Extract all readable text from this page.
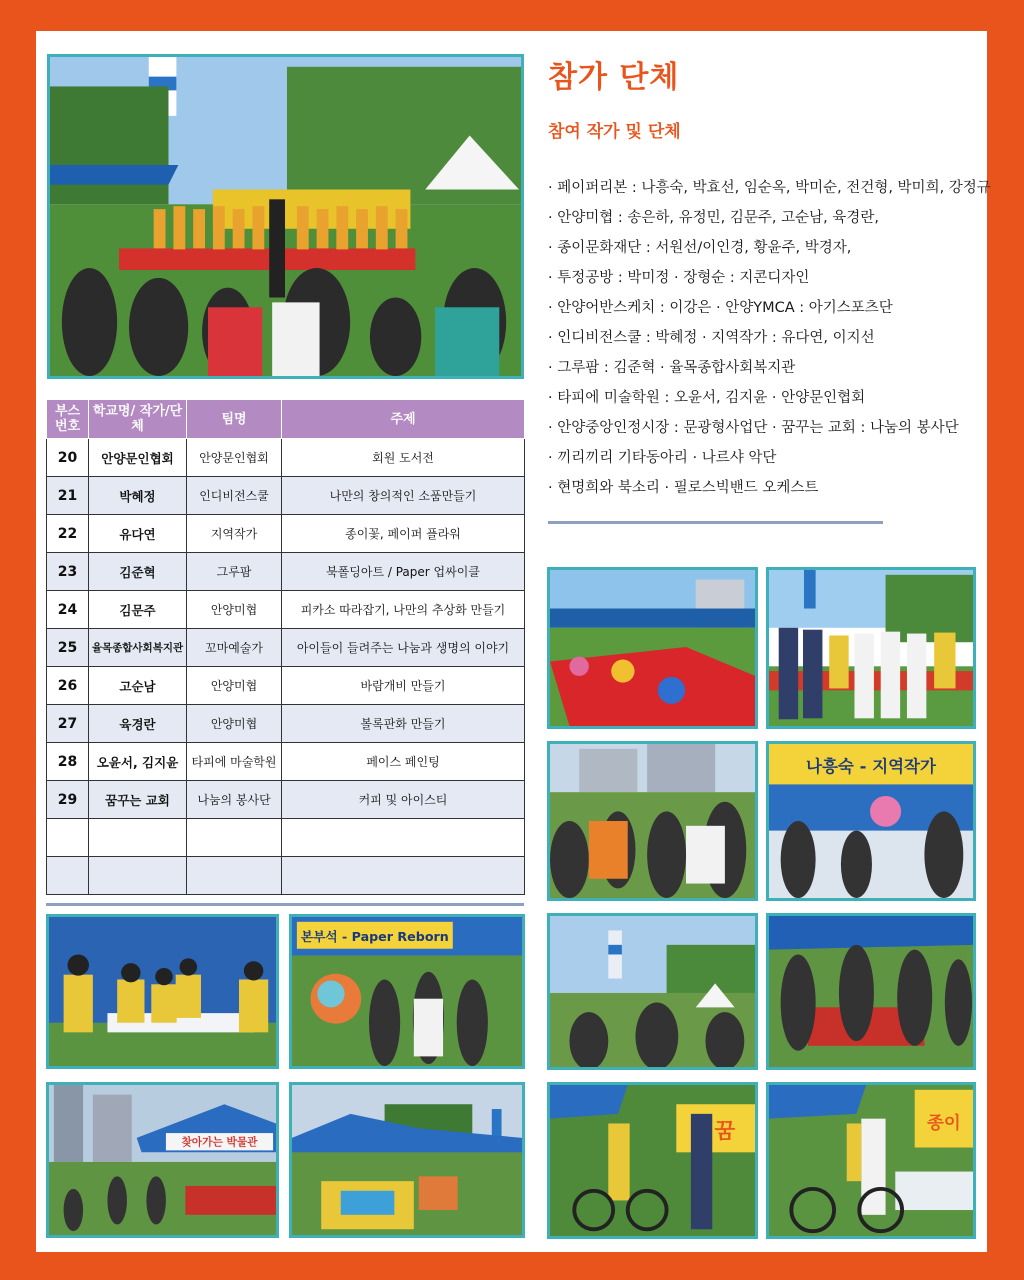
참가 단체
참여 작가 및 단체
· 페이퍼리본 : 나흥숙, 박효선, 임순옥, 박미순, 전건형, 박미희, 강정규
· 안양미협 : 송은하, 유정민, 김문주, 고순남, 육경란,
· 종이문화재단 : 서원선/이인경, 황윤주, 박경자,
· 투정공방 : 박미정 · 장형순 : 지콘디자인
· 안양어반스케치 : 이강은 · 안양YMCA : 아기스포츠단
· 인디비전스쿨 : 박혜정 · 지역작가 : 유다연, 이지선
· 그루팜 : 김준혁 · 율목종합사회복지관
· 타피에 미술학원 : 오윤서, 김지윤 · 안양문인협회
· 안양중앙인정시장 : 문광형사업단 · 꿈꾸는 교회 : 나눔의 봉사단
· 끼리끼리 기타동아리 · 나르샤 악단
· 현명희와 북소리 · 필로스빅밴드 오케스트
부스 번호	학교명/ 작가/단체	팀명	주제
20	안양문인협회	안양문인협회	회원 도서전
21	박혜정	인디비전스쿨	나만의 창의적인 소품만들기
22	유다연	지역작가	종이꽃, 페이퍼 플라워
23	김준혁	그루팜	북폴딩아트 / Paper 업싸이클
24	김문주	안양미협	피카소 따라잡기, 나만의 추상화 만들기
25	율목종합사회복지관	꼬마예술가	아이들이 들려주는 나눔과 생명의 이야기
26	고순남	안양미협	바람개비 만들기
27	육경란	안양미협	볼록판화 만들기
28	오윤서, 김지윤	타피에 마술학원	페이스 페인팅
29	꿈꾸는 교회	나눔의 봉사단	커피 및 아이스티

나흥숙 - 지역작가
꿈	종이
본부석 - Paper Reborn
찾아가는 박물관
